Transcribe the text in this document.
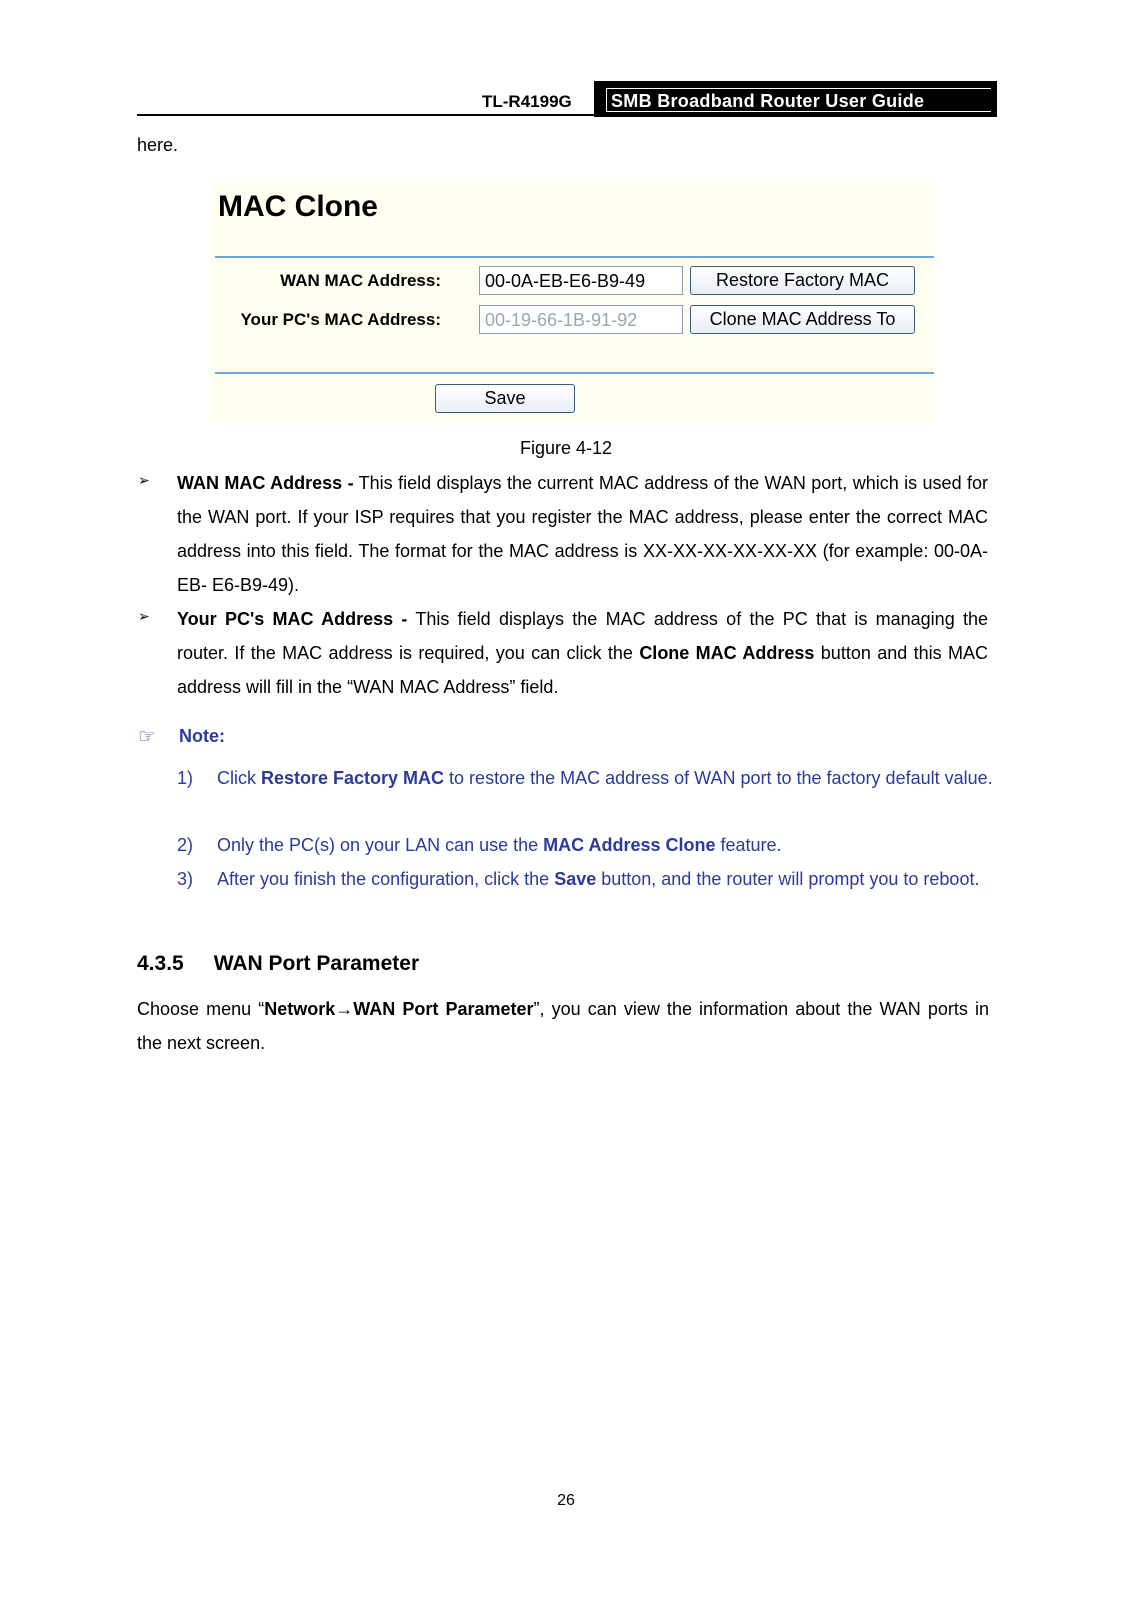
TL-R4199G SMB Broadband Router User Guide
here.
MAC Clone
WAN MAC Address:	00-0A-EB-E6-B9-49	Restore Factory MAC
Your PC's MAC Address:	00-19-66-1B-91-92	Clone MAC Address To
Save
Figure 4-12
➢ WAN MAC Address - This field displays the current MAC address of the WAN port, which is used for the WAN port. If your ISP requires that you register the MAC address, please enter the correct MAC address into this field. The format for the MAC address is XX-XX-XX-XX-XX-XX (for example: 00-0A-EB- E6-B9-49).
➢ Your PC's MAC Address - This field displays the MAC address of the PC that is managing the router. If the MAC address is required, you can click the Clone MAC Address button and this MAC address will fill in the “WAN MAC Address” field.
☞ Note:
1) Click Restore Factory MAC to restore the MAC address of WAN port to the factory default value.
2) Only the PC(s) on your LAN can use the MAC Address Clone feature.
3) After you finish the configuration, click the Save button, and the router will prompt you to reboot.
4.3.5 WAN Port Parameter
Choose menu “Network→WAN Port Parameter”, you can view the information about the WAN ports in the next screen.
26
